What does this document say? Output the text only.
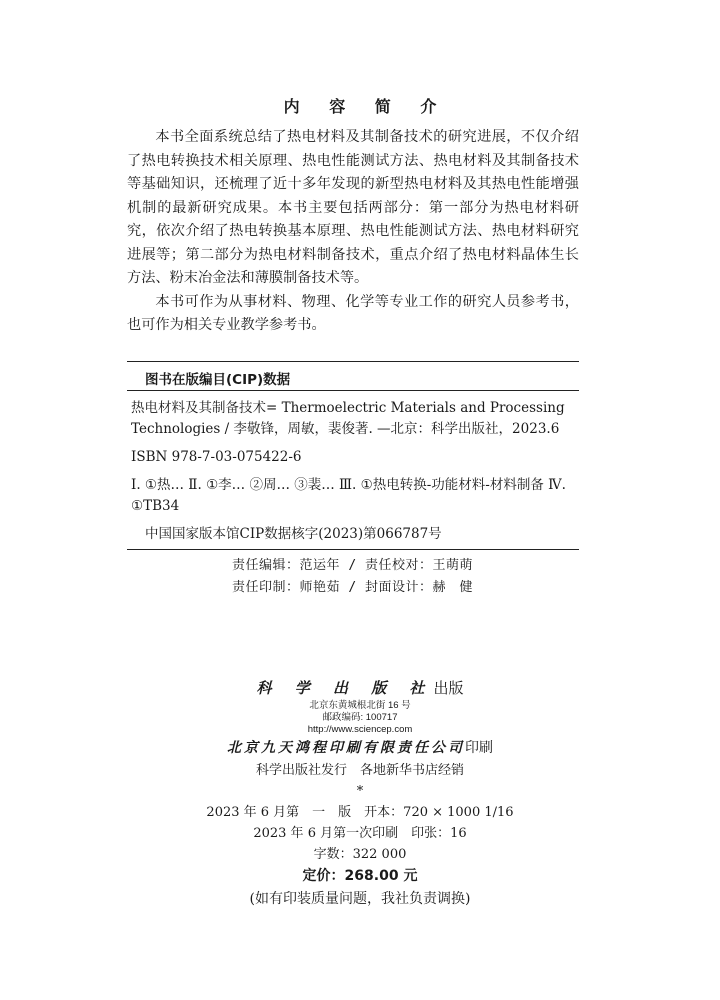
内 容 简 介

本书全面系统总结了热电材料及其制备技术的研究进展，不仅介绍了热电转换技术相关原理、热电性能测试方法、热电材料及其制备技术等基础知识，还梳理了近十多年发现的新型热电材料及其热电性能增强机制的最新研究成果。本书主要包括两部分：第一部分为热电材料研究，依次介绍了热电转换基本原理、热电性能测试方法、热电材料研究进展等；第二部分为热电材料制备技术，重点介绍了热电材料晶体生长方法、粉末冶金法和薄膜制备技术等。

本书可作为从事材料、物理、化学等专业工作的研究人员参考书，也可作为相关专业教学参考书。

图书在版编目(CIP)数据
热电材料及其制备技术= Thermoelectric Materials and Processing Technologies / 李敬锋，周敏，裴俊著. —北京：科学出版社，2023.6
ISBN 978-7-03-075422-6
Ⅰ. ①热… Ⅱ. ①李… ②周… ③裴… Ⅲ. ①热电转换-功能材料-材料制备 Ⅳ. ①TB34
中国国家版本馆CIP数据核字(2023)第066787号
责任编辑：范运年 / 责任校对：王萌萌
责任印制：师艳茹 / 封面设计：赫　健
科 学 出 版 社出版
北京东黄城根北街 16 号
邮政编码: 100717
http://www.sciencep.com
北京九天鸿程印刷有限责任公司印刷
科学出版社发行　各地新华书店经销
*
2023 年 6 月第　一　版　开本：720 × 1000 1/16
2023 年 6 月第一次印刷　印张：16
字数：322 000
定价：268.00 元
(如有印装质量问题，我社负责调换)
